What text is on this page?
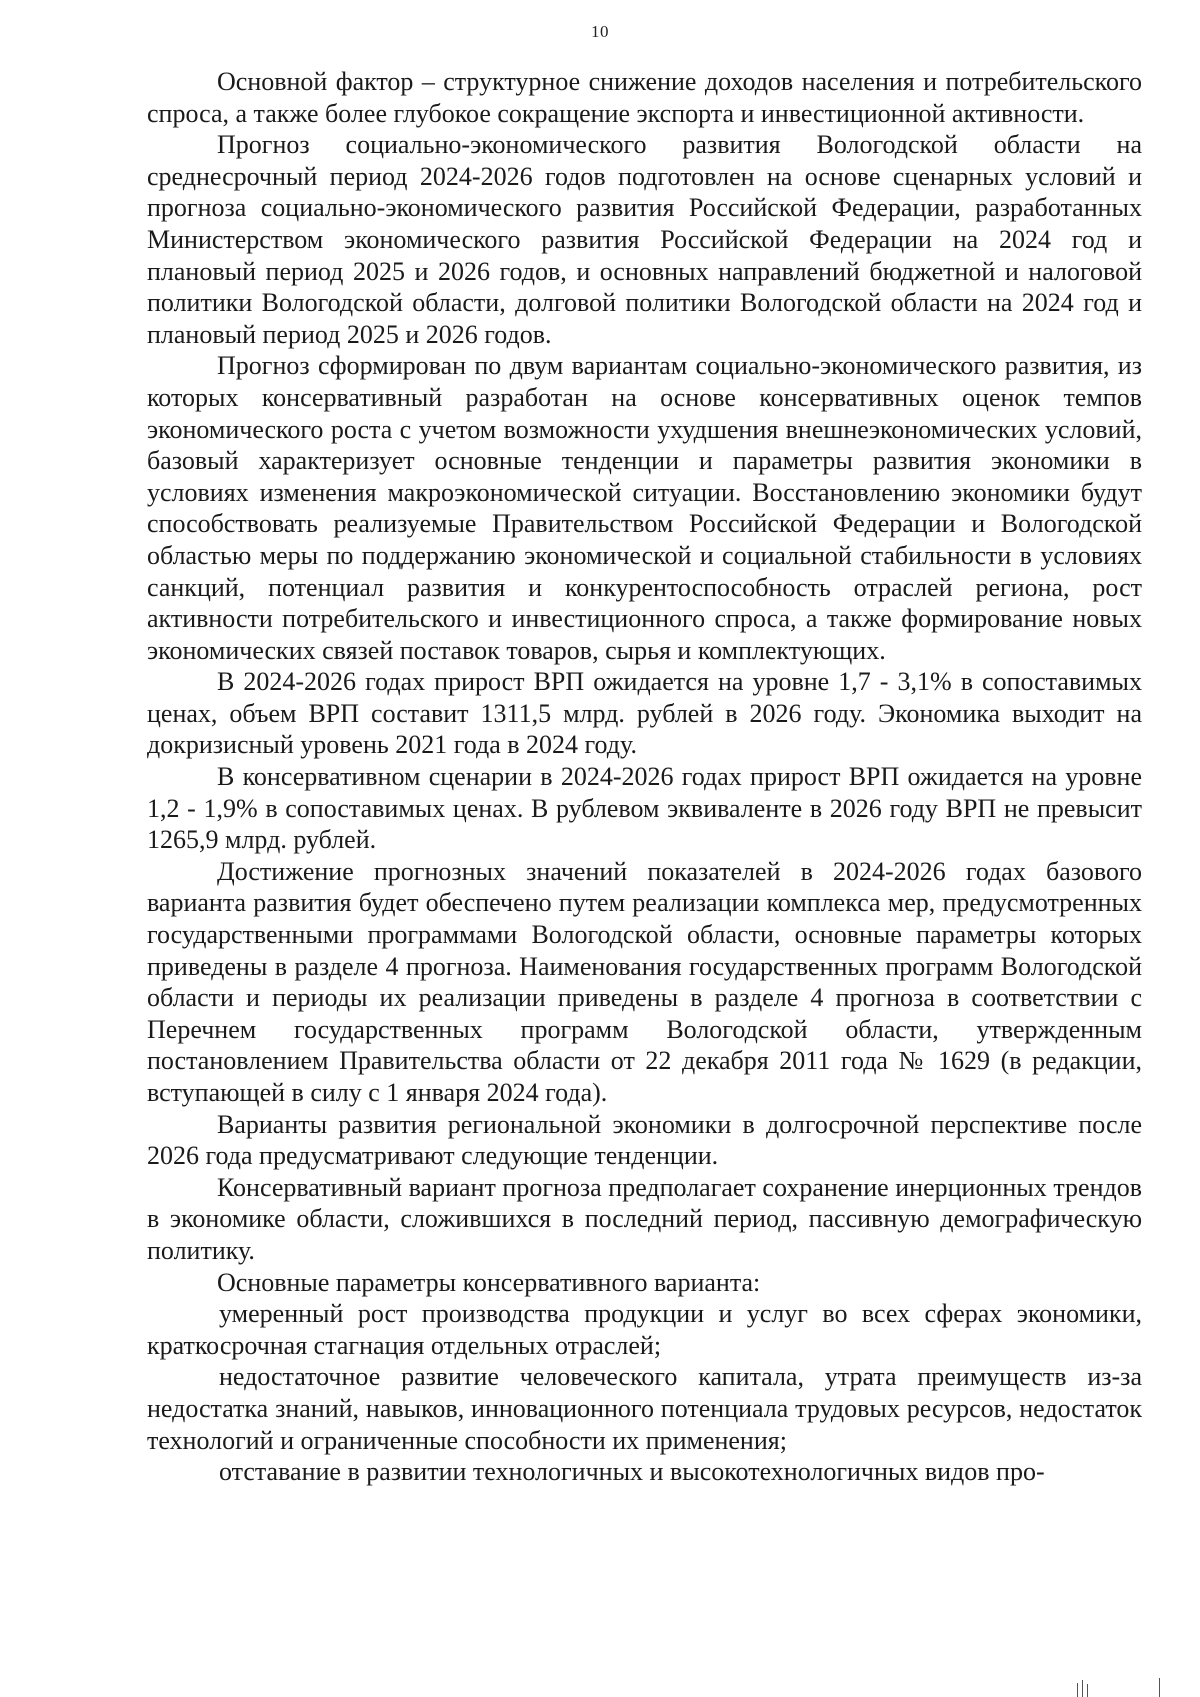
10

Основной фактор – структурное снижение доходов населения и потребительского спроса, а также более глубокое сокращение экспорта и инвестиционной активности.

Прогноз социально-экономического развития Вологодской области на среднесрочный период 2024-2026 годов подготовлен на основе сценарных условий и прогноза социально-экономического развития Российской Федерации, разработанных Министерством экономического развития Российской Федерации на 2024 год и плановый период 2025 и 2026 годов, и основных направлений бюджетной и налоговой политики Вологодской области, долговой политики Вологодской области на 2024 год и плановый период 2025 и 2026 годов.

Прогноз сформирован по двум вариантам социально-экономического развития, из которых консервативный разработан на основе консервативных оценок темпов экономического роста с учетом возможности ухудшения внешнеэкономических условий, базовый характеризует основные тенденции и параметры развития экономики в условиях изменения макроэкономической ситуации. Восстановлению экономики будут способствовать реализуемые Правительством Российской Федерации и Вологодской областью меры по поддержанию экономической и социальной стабильности в условиях санкций, потенциал развития и конкурентоспособность отраслей региона, рост активности потребительского и инвестиционного спроса, а также формирование новых экономических связей поставок товаров, сырья и комплектующих.

В 2024-2026 годах прирост ВРП ожидается на уровне 1,7 - 3,1% в сопоставимых ценах, объем ВРП составит 1311,5 млрд. рублей в 2026 году. Экономика выходит на докризисный уровень 2021 года в 2024 году.

В консервативном сценарии в 2024-2026 годах прирост ВРП ожидается на уровне 1,2 - 1,9% в сопоставимых ценах. В рублевом эквиваленте в 2026 году ВРП не превысит 1265,9 млрд. рублей.

Достижение прогнозных значений показателей в 2024-2026 годах базового варианта развития будет обеспечено путем реализации комплекса мер, предусмотренных государственными программами Вологодской области, основные параметры которых приведены в разделе 4 прогноза. Наименования государственных программ Вологодской области и периоды их реализации приведены в разделе 4 прогноза в соответствии с Перечнем государственных программ Вологодской области, утвержденным постановлением Правительства области от 22 декабря 2011 года № 1629 (в редакции, вступающей в силу с 1 января 2024 года).

Варианты развития региональной экономики в долгосрочной перспективе после 2026 года предусматривают следующие тенденции.

Консервативный вариант прогноза предполагает сохранение инерционных трендов в экономике области, сложившихся в последний период, пассивную демографическую политику.

Основные параметры консервативного варианта:

умеренный рост производства продукции и услуг во всех сферах экономики, краткосрочная стагнация отдельных отраслей;

недостаточное развитие человеческого капитала, утрата преимуществ из-за недостатка знаний, навыков, инновационного потенциала трудовых ресурсов, недостаток технологий и ограниченные способности их применения;

отставание в развитии технологичных и высокотехнологичных видов про-
